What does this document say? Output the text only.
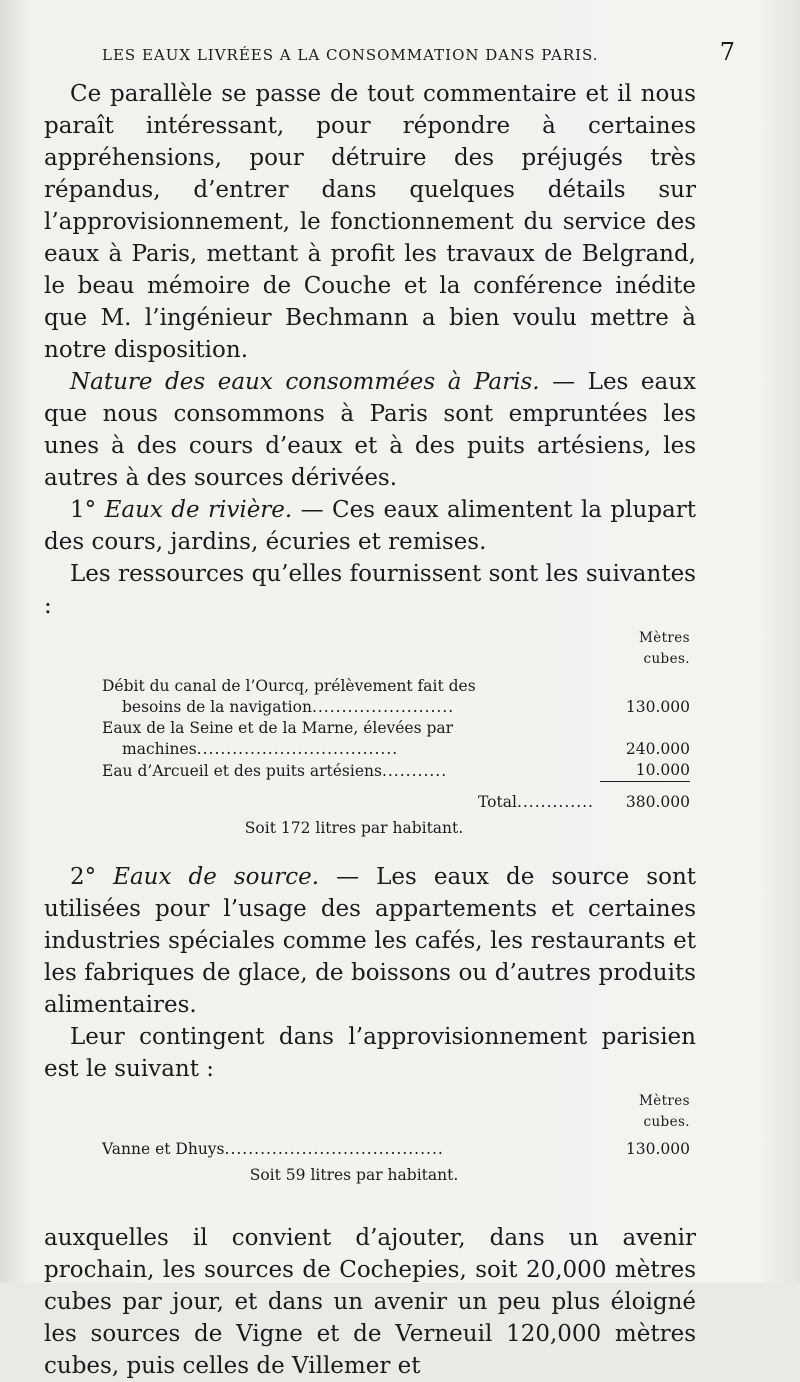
LES EAUX LIVRÉES A LA CONSOMMATION DANS PARIS.	7

Ce parallèle se passe de tout commentaire et il nous paraît intéressant, pour répondre à certaines appréhensions, pour détruire des préjugés très répandus, d’entrer dans quelques détails sur l’approvisionnement, le fonctionnement du service des eaux à Paris, mettant à profit les travaux de Belgrand, le beau mémoire de Couche et la conférence inédite que M. l’ingénieur Bechmann a bien voulu mettre à notre disposition.

Nature des eaux consommées à Paris. — Les eaux que nous consommons à Paris sont empruntées les unes à des cours d’eaux et à des puits artésiens, les autres à des sources dérivées.

1° Eaux de rivière. — Ces eaux alimentent la plupart des cours, jardins, écuries et remises.

Les ressources qu’elles fournissent sont les suivantes :

	Mètres cubes.

Débit du canal de l’Ourcq, prélèvement fait des
besoins de la navigation........................	130.000

Eaux de la Seine et de la Marne, élevées par
machines..................................	240.000

Eau d’Arcueil et des puits artésiens...........	10.000
Total.............	380.000

Soit 172 litres par habitant.

2° Eaux de source. — Les eaux de source sont utilisées pour l’usage des appartements et certaines industries spéciales comme les cafés, les restaurants et les fabriques de glace, de boissons ou d’autres produits alimentaires.

Leur contingent dans l’approvisionnement parisien est le suivant :

	Mètres cubes.

Vanne et Dhuys.....................................	130.000

Soit 59 litres par habitant.

auxquelles il convient d’ajouter, dans un avenir prochain, les sources de Cochepies, soit 20,000 mètres cubes par jour, et dans un avenir un peu plus éloigné les sources de Vigne et de Verneuil 120,000 mètres cubes, puis celles de Villemer et
